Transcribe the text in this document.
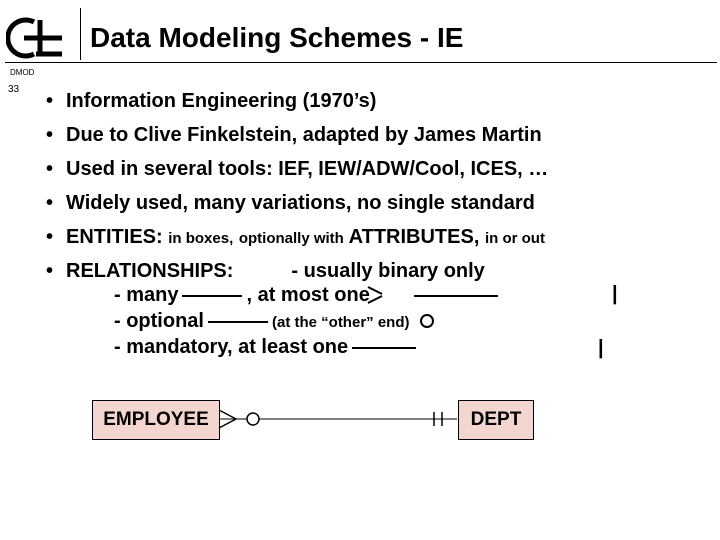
Data Modeling Schemes - IE
DMOD
33
• Information Engineering (1970’s)
• Due to Clive Finkelstein, adapted by James Martin
• Used in several tools: IEF, IEW/ADW/Cool, ICES, …
• Widely used, many variations, no single standard
• ENTITIES: in boxes, optionally with ATTRIBUTES, in or out
• RELATIONSHIPS:	- usually binary only
- many	, at most one	|
- optional	(at the “other” end)
- mandatory, at least one	|
EMPLOYEE	DEPT
